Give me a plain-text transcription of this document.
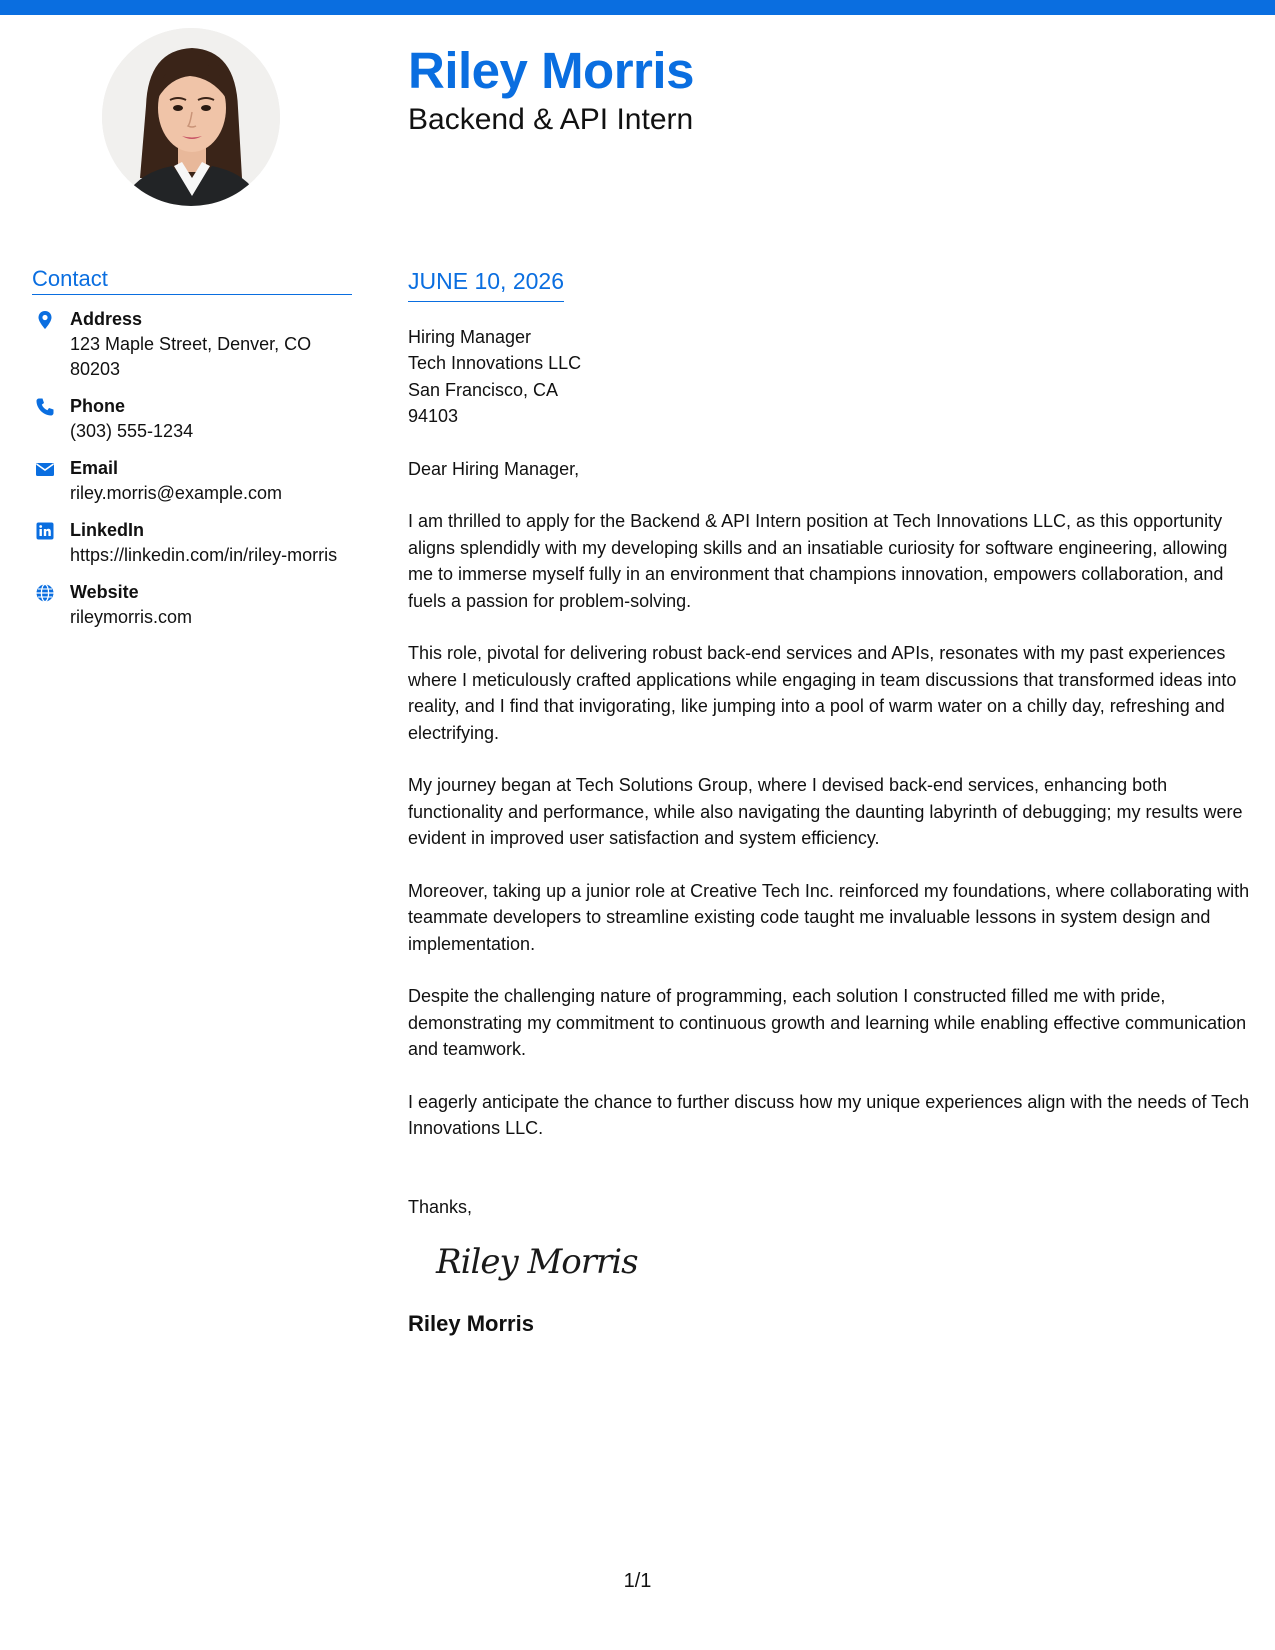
Riley Morris
Backend & API Intern
Contact
Address
123 Maple Street, Denver, CO 80203
Phone
(303) 555-1234
Email
riley.morris@example.com
LinkedIn
https://linkedin.com/in/riley-morris
Website
rileymorris.com
JUNE 10, 2026
Hiring Manager
Tech Innovations LLC
San Francisco, CA
94103
Dear Hiring Manager,
I am thrilled to apply for the Backend & API Intern position at Tech Innovations LLC, as this opportunity aligns splendidly with my developing skills and an insatiable curiosity for software engineering, allowing me to immerse myself fully in an environment that champions innovation, empowers collaboration, and fuels a passion for problem-solving.
This role, pivotal for delivering robust back-end services and APIs, resonates with my past experiences where I meticulously crafted applications while engaging in team discussions that transformed ideas into reality, and I find that invigorating, like jumping into a pool of warm water on a chilly day, refreshing and electrifying.
My journey began at Tech Solutions Group, where I devised back-end services, enhancing both functionality and performance, while also navigating the daunting labyrinth of debugging; my results were evident in improved user satisfaction and system efficiency.
Moreover, taking up a junior role at Creative Tech Inc. reinforced my foundations, where collaborating with teammate developers to streamline existing code taught me invaluable lessons in system design and implementation.
Despite the challenging nature of programming, each solution I constructed filled me with pride, demonstrating my commitment to continuous growth and learning while enabling effective communication and teamwork.
I eagerly anticipate the chance to further discuss how my unique experiences align with the needs of Tech Innovations LLC.
Thanks,
Riley Morris
Riley Morris
1/1
